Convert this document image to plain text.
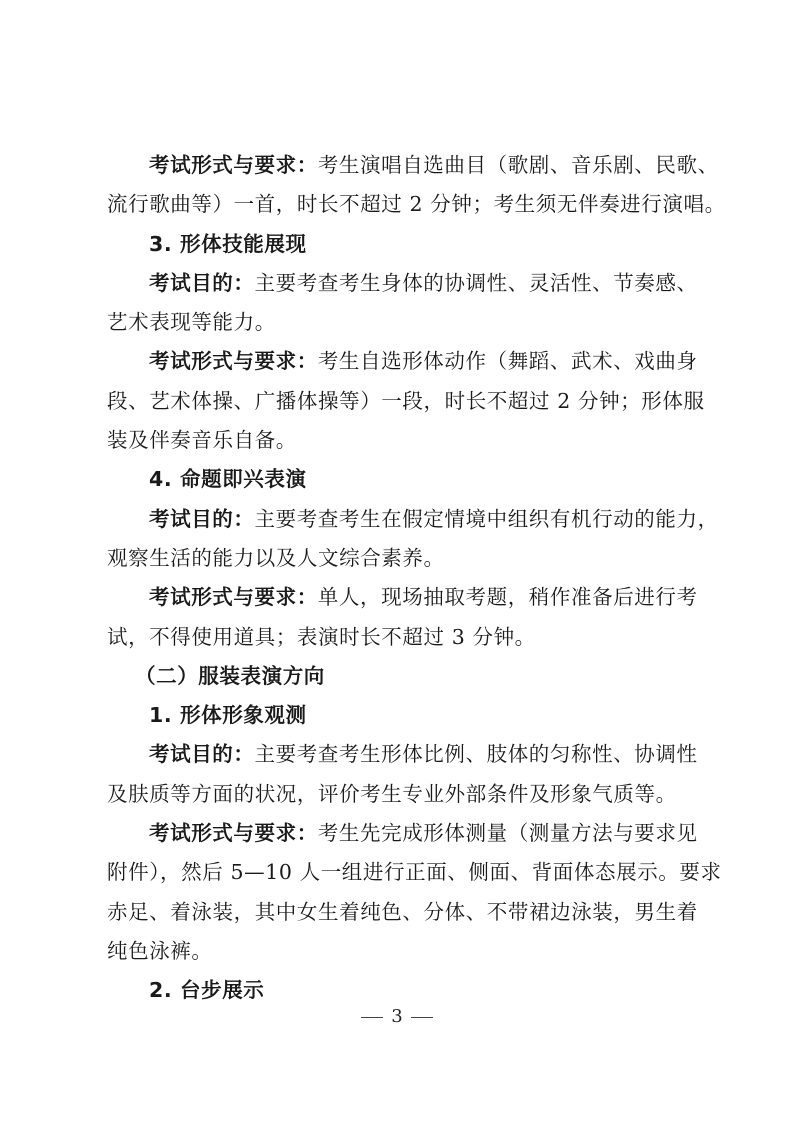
考试形式与要求：考生演唱自选曲目（歌剧、音乐剧、民歌、
流行歌曲等）一首，时长不超过 2 分钟；考生须无伴奏进行演唱。
3. 形体技能展现
考试目的：主要考查考生身体的协调性、灵活性、节奏感、
艺术表现等能力。
考试形式与要求：考生自选形体动作（舞蹈、武术、戏曲身
段、艺术体操、广播体操等）一段，时长不超过 2 分钟；形体服
装及伴奏音乐自备。
4. 命题即兴表演
考试目的：主要考查考生在假定情境中组织有机行动的能力，
观察生活的能力以及人文综合素养。
考试形式与要求：单人，现场抽取考题，稍作准备后进行考
试，不得使用道具；表演时长不超过 3 分钟。
（二）服装表演方向
1. 形体形象观测
考试目的：主要考查考生形体比例、肢体的匀称性、协调性
及肤质等方面的状况，评价考生专业外部条件及形象气质等。
考试形式与要求：考生先完成形体测量（测量方法与要求见
附件），然后 5—10 人一组进行正面、侧面、背面体态展示。要求
赤足、着泳装，其中女生着纯色、分体、不带裙边泳装，男生着
纯色泳裤。
2. 台步展示
3
